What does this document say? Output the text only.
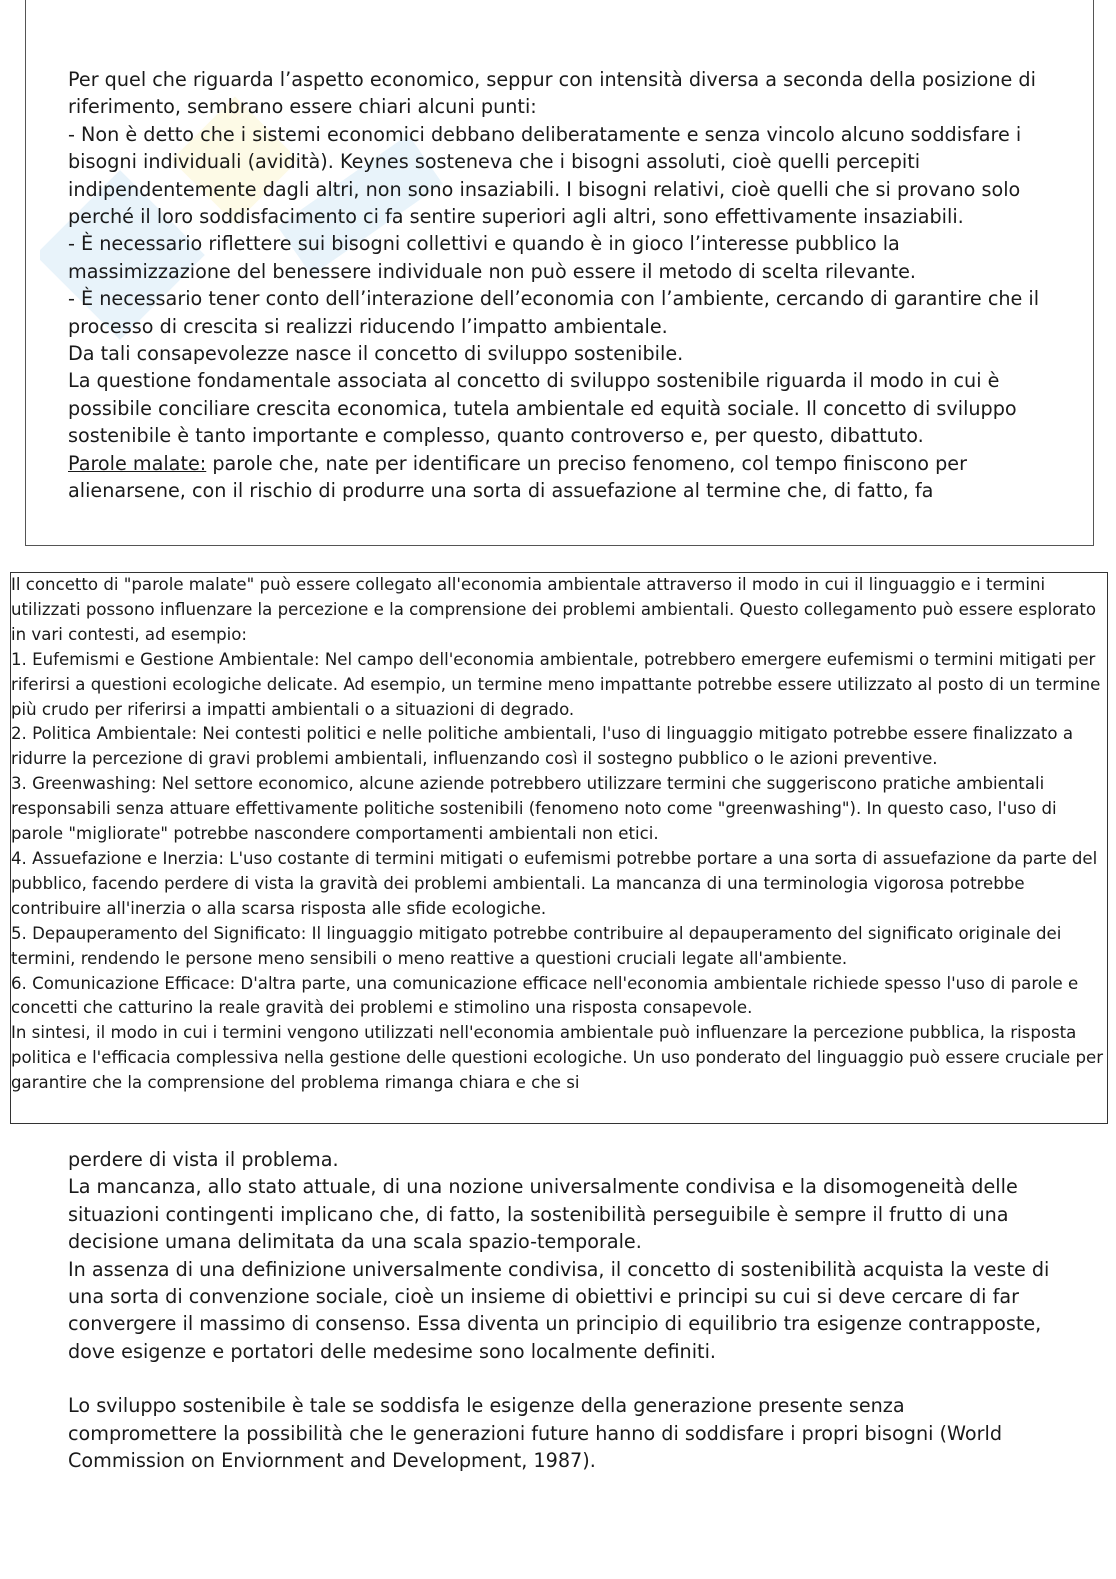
Per quel che riguarda l’aspetto economico, seppur con intensità diversa a seconda della posizione di riferimento, sembrano essere chiari alcuni punti:

- Non è detto che i sistemi economici debbano deliberatamente e senza vincolo alcuno soddisfare i bisogni individuali (avidità). Keynes sosteneva che i bisogni assoluti, cioè quelli percepiti indipendentemente dagli altri, non sono insaziabili. I bisogni relativi, cioè quelli che si provano solo perché il loro soddisfacimento ci fa sentire superiori agli altri, sono effettivamente insaziabili.

- È necessario riflettere sui bisogni collettivi e quando è in gioco l’interesse pubblico la massimizzazione del benessere individuale non può essere il metodo di scelta rilevante.

- È necessario tener conto dell’interazione dell’economia con l’ambiente, cercando di garantire che il processo di crescita si realizzi riducendo l’impatto ambientale.

Da tali consapevolezze nasce il concetto di sviluppo sostenibile.

La questione fondamentale associata al concetto di sviluppo sostenibile riguarda il modo in cui è possibile conciliare crescita economica, tutela ambientale ed equità sociale. Il concetto di sviluppo sostenibile è tanto importante e complesso, quanto controverso e, per questo, dibattuto.

Parole malate: parole che, nate per identificare un preciso fenomeno, col tempo finiscono per alienarsene, con il rischio di produrre una sorta di assuefazione al termine che, di fatto, fa

Il concetto di "parole malate" può essere collegato all'economia ambientale attraverso il modo in cui il linguaggio e i termini utilizzati possono influenzare la percezione e la comprensione dei problemi ambientali. Questo collegamento può essere esplorato in vari contesti, ad esempio:

1. Eufemismi e Gestione Ambientale: Nel campo dell'economia ambientale, potrebbero emergere eufemismi o termini mitigati per riferirsi a questioni ecologiche delicate. Ad esempio, un termine meno impattante potrebbe essere utilizzato al posto di un termine più crudo per riferirsi a impatti ambientali o a situazioni di degrado.

2. Politica Ambientale: Nei contesti politici e nelle politiche ambientali, l'uso di linguaggio mitigato potrebbe essere finalizzato a ridurre la percezione di gravi problemi ambientali, influenzando così il sostegno pubblico o le azioni preventive.

3. Greenwashing: Nel settore economico, alcune aziende potrebbero utilizzare termini che suggeriscono pratiche ambientali responsabili senza attuare effettivamente politiche sostenibili (fenomeno noto come "greenwashing"). In questo caso, l'uso di parole "migliorate" potrebbe nascondere comportamenti ambientali non etici.

4. Assuefazione e Inerzia: L'uso costante di termini mitigati o eufemismi potrebbe portare a una sorta di assuefazione da parte del pubblico, facendo perdere di vista la gravità dei problemi ambientali. La mancanza di una terminologia vigorosa potrebbe contribuire all'inerzia o alla scarsa risposta alle sfide ecologiche.

5. Depauperamento del Significato: Il linguaggio mitigato potrebbe contribuire al depauperamento del significato originale dei termini, rendendo le persone meno sensibili o meno reattive a questioni cruciali legate all'ambiente.

6. Comunicazione Efficace: D'altra parte, una comunicazione efficace nell'economia ambientale richiede spesso l'uso di parole e concetti che catturino la reale gravità dei problemi e stimolino una risposta consapevole.

In sintesi, il modo in cui i termini vengono utilizzati nell'economia ambientale può influenzare la percezione pubblica, la risposta politica e l'efficacia complessiva nella gestione delle questioni ecologiche. Un uso ponderato del linguaggio può essere cruciale per garantire che la comprensione del problema rimanga chiara e che si

perdere di vista il problema.

La mancanza, allo stato attuale, di una nozione universalmente condivisa e la disomogeneità delle situazioni contingenti implicano che, di fatto, la sostenibilità perseguibile è sempre il frutto di una decisione umana delimitata da una scala spazio-temporale.

In assenza di una definizione universalmente condivisa, il concetto di sostenibilità acquista la veste di una sorta di convenzione sociale, cioè un insieme di obiettivi e principi su cui si deve cercare di far convergere il massimo di consenso. Essa diventa un principio di equilibrio tra esigenze contrapposte, dove esigenze e portatori delle medesime sono localmente definiti.

Lo sviluppo sostenibile è tale se soddisfa le esigenze della generazione presente senza compromettere la possibilità che le generazioni future hanno di soddisfare i propri bisogni (World Commission on Enviornment and Development, 1987).
